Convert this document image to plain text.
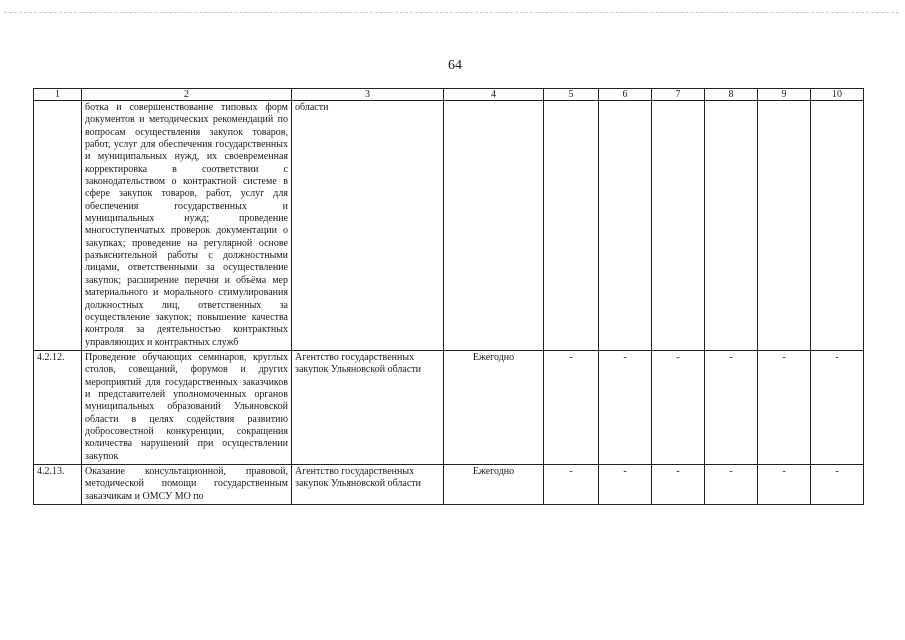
64
1	2	3	4	5	6	7	8	9	10
	ботка и совершенствование типовых форм документов и методических рекомендаций по вопросам осуществления закупок товаров, работ, услуг для обеспечения государственных и муниципальных нужд, их своевременная корректировка в соответствии с законодательством о контрактной системе в сфере закупок товаров, работ, услуг для обеспечения государственных и муниципальных нужд; проведение многоступенчатых проверок документации о закупках; проведение на регулярной основе разъяснительной работы с должностными лицами, ответственными за осуществление закупок; расширение перечня и объёма мер материального и морального стимулирования должностных лиц, ответственных за осуществление закупок; повышение качества контроля за деятельностью контрактных управляющих и контрактных служб	области							
4.2.12.	Проведение обучающих семинаров, круглых столов, совещаний, форумов и других мероприятий для государственных заказчиков и представителей уполномоченных органов муниципальных образований Ульяновской области в целях содействия развитию добросовестной конкуренции, сокращения количества нарушений при осуществлении закупок	Агентство государственных закупок Ульяновской области	Ежегодно	-	-	-	-	-	-
4.2.13.	Оказание консультационной, правовой, методической помощи государственным заказчикам и ОМСУ МО по	Агентство государственных закупок Ульяновской области	Ежегодно	-	-	-	-	-	-
